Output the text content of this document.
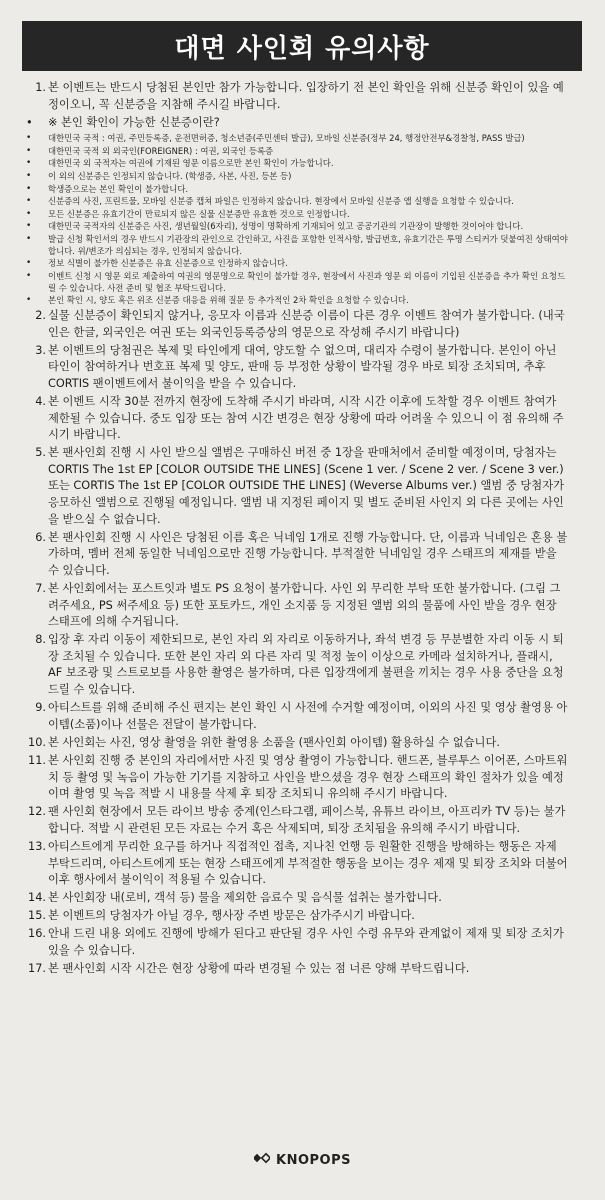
대면 사인회 유의사항
1 . 본 이벤트는 반드시 당첨된 본인만 참가 가능합니다. 입장하기 전 본인 확인을 위해 신분증 확인이 있을 예정이오니, 꼭 신분증을 지참해 주시길 바랍니다.
• ※ 본인 확인이 가능한 신분증이란?
• 대한민국 국적 : 여권, 주민등록증, 운전면허증, 청소년증(주민센터 발급), 모바일 신분증(정부 24, 행정안전부&경찰청, PASS 발급)
• 대한민국 국적 외 외국인(FOREIGNER) : 여권, 외국인 등록증
• 대한민국 외 국적자는 여권에 기재된 영문 이름으로만 본인 확인이 가능합니다.
• 이 외의 신분증은 인정되지 않습니다. (학생증, 사본, 사진, 등본 등)
• 학생증으로는 본인 확인이 불가합니다.
• 신분증의 사진, 프린트물, 모바일 신분증 캡쳐 파일은 인정하지 않습니다. 현장에서 모바일 신분증 앱 실행을 요청할 수 있습니다.
• 모든 신분증은 유효기간이 만료되지 않은 실물 신분증만 유효한 것으로 인정합니다.
• 대한민국 국적자의 신분증은 사진, 생년월일(6자리), 성명이 명확하게 기재되어 있고 공공기관의 기관장이 발행한 것이어야 합니다.
• 발급 신청 확인서의 경우 반드시 기관장의 관인으로 간인하고, 사진을 포함한 인적사항, 발급번호, 유효기간은 투명 스티커가 덧붙여진 상태여야 합니다. 위/변조가 의심되는 경우, 인정되지 않습니다.
• 정보 식별이 불가한 신분증은 유효 신분증으로 인정하지 않습니다.
• 이벤트 신청 시 영문 외로 제출하여 여권의 영문명으로 확인이 불가할 경우, 현장에서 사진과 영문 외 이름이 기입된 신분증을 추가 확인 요청드릴 수 있습니다. 사전 준비 및 협조 부탁드립니다.
• 본인 확인 시, 양도 혹은 위조 신분증 대응을 위해 질문 등 추가적인 2차 확인을 요청할 수 있습니다.
2 . 실물 신분증이 확인되지 않거나, 응모자 이름과 신분증 이름이 다른 경우 이벤트 참여가 불가합니다. (내국인은 한글, 외국인은 여권 또는 외국인등록증상의 영문으로 작성해 주시기 바랍니다)
3 . 본 이벤트의 당첨권은 복제 및 타인에게 대여, 양도할 수 없으며, 대리자 수령이 불가합니다. 본인이 아닌 타인이 참여하거나 번호표 복제 및 양도, 판매 등 부정한 상황이 발각될 경우 바로 퇴장 조치되며, 추후 CORTIS 팬이벤트에서 불이익을 받을 수 있습니다.
4 . 본 이벤트 시작 30분 전까지 현장에 도착해 주시기 바라며, 시작 시간 이후에 도착할 경우 이벤트 참여가 제한될 수 있습니다. 중도 입장 또는 참여 시간 변경은 현장 상황에 따라 어려울 수 있으니 이 점 유의해 주시기 바랍니다.
5 . 본 팬사인회 진행 시 사인 받으실 앨범은 구매하신 버전 중 1장을 판매처에서 준비할 예정이며, 당첨자는 CORTIS The 1st EP [COLOR OUTSIDE THE LINES] (Scene 1 ver. / Scene 2 ver. / Scene 3 ver.) 또는 CORTIS The 1st EP [COLOR OUTSIDE THE LINES] (Weverse Albums ver.) 앨범 중 당첨자가 응모하신 앨범으로 진행될 예정입니다. 앨범 내 지정된 페이지 및 별도 준비된 사인지 외 다른 곳에는 사인을 받으실 수 없습니다.
6 . 본 팬사인회 진행 시 사인은 당첨된 이름 혹은 닉네임 1개로 진행 가능합니다. 단, 이름과 닉네임은 혼용 불가하며, 멤버 전체 동일한 닉네임으로만 진행 가능합니다. 부적절한 닉네임일 경우 스태프의 제재를 받을 수 있습니다.
7 . 본 사인회에서는 포스트잇과 별도 PS 요청이 불가합니다. 사인 외 무리한 부탁 또한 불가합니다. (그림 그려주세요, PS 써주세요 등) 또한 포토카드, 개인 소지품 등 지정된 앨범 외의 물품에 사인 받을 경우 현장 스태프에 의해 수거됩니다.
8 . 입장 후 자리 이동이 제한되므로, 본인 자리 외 자리로 이동하거나, 좌석 변경 등 무분별한 자리 이동 시 퇴장 조치될 수 있습니다. 또한 본인 자리 외 다른 자리 및 적정 높이 이상으로 카메라 설치하거나, 플래시, AF 보조광 및 스트로보를 사용한 촬영은 불가하며, 다른 입장객에게 불편을 끼치는 경우 사용 중단을 요청드릴 수 있습니다.
9 . 아티스트를 위해 준비해 주신 편지는 본인 확인 시 사전에 수거할 예정이며, 이외의 사진 및 영상 촬영용 아이템(소품)이나 선물은 전달이 불가합니다.
10 . 본 사인회는 사진, 영상 촬영을 위한 촬영용 소품을 (팬사인회 아이템) 활용하실 수 없습니다.
11 . 본 사인회 진행 중 본인의 자리에서만 사진 및 영상 촬영이 가능합니다. 핸드폰, 블루투스 이어폰, 스마트워치 등 촬영 및 녹음이 가능한 기기를 지참하고 사인을 받으셨을 경우 현장 스태프의 확인 절차가 있을 예정이며 촬영 및 녹음 적발 시 내용물 삭제 후 퇴장 조치되니 유의해 주시기 바랍니다.
12 . 팬 사인회 현장에서 모든 라이브 방송 중계(인스타그램, 페이스북, 유튜브 라이브, 아프리카 TV 등)는 불가합니다. 적발 시 관련된 모든 자료는 수거 혹은 삭제되며, 퇴장 조치됨을 유의해 주시기 바랍니다.
13 . 아티스트에게 무리한 요구를 하거나 직접적인 접촉, 지나친 언행 등 원활한 진행을 방해하는 행동은 자제 부탁드리며, 아티스트에게 또는 현장 스태프에게 부적절한 행동을 보이는 경우 제재 및 퇴장 조치와 더불어 이후 행사에서 불이익이 적용될 수 있습니다.
14 . 본 사인회장 내(로비, 객석 등) 물을 제외한 음료수 및 음식물 섭취는 불가합니다.
15 . 본 이벤트의 당첨자가 아닐 경우, 행사장 주변 방문은 삼가주시기 바랍니다.
16 . 안내 드린 내용 외에도 진행에 방해가 된다고 판단될 경우 사인 수령 유무와 관계없이 제재 및 퇴장 조치가 있을 수 있습니다.
17 . 본 팬사인회 시작 시간은 현장 상황에 따라 변경될 수 있는 점 너른 양해 부탁드립니다.
KNOPOPS
